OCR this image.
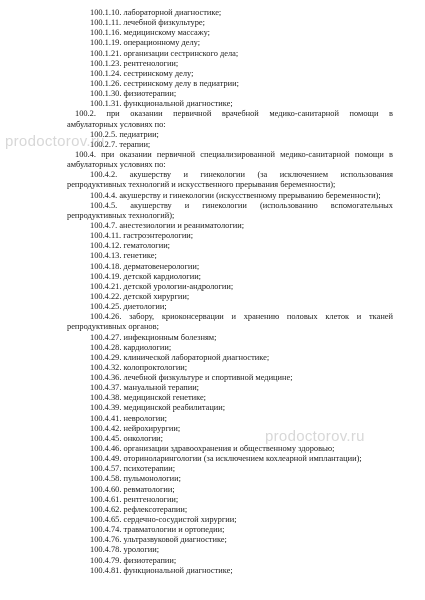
100.1.10. лабораторной диагностике;
100.1.11. лечебной физкультуре;
100.1.16. медицинскому массажу;
100.1.19. операционному делу;
100.1.21. организации сестринского дела;
100.1.23. рентгенологии;
100.1.24. сестринскому делу;
100.1.26. сестринскому делу в педиатрии;
100.1.30. физиотерапии;
100.1.31. функциональной диагностике;
100.2. при оказании первичной врачебной медико-санитарной помощи в
амбулаторных условиях по:
100.2.5. педиатрии;
100.2.7. терапии;
100.4. при оказании первичной специализированной медико-санитарной помощи в
амбулаторных условиях по:
100.4.2. акушерству и гинекологии (за исключением использования
репродуктивных технологий и искусственного прерывания беременности);
100.4.4. акушерству и гинекологии (искусственному прерыванию беременности);
100.4.5. акушерству и гинекологии (использованию вспомогательных
репродуктивных технологий);
100.4.7. анестезиологии и реаниматологии;
100.4.11. гастроэнтерологии;
100.4.12. гематологии;
100.4.13. генетике;
100.4.18. дерматовенерологии;
100.4.19. детской кардиологии;
100.4.21. детской урологии-андрологии;
100.4.22. детской хирургии;
100.4.25. диетологии;
100.4.26. забору, криоконсервации и хранению половых клеток и тканей
репродуктивных органов;
100.4.27. инфекционным болезням;
100.4.28. кардиологии;
100.4.29. клинической лабораторной диагностике;
100.4.32. колопроктологии;
100.4.36. лечебной физкультуре и спортивной медицине;
100.4.37. мануальной терапии;
100.4.38. медицинской генетике;
100.4.39. медицинской реабилитации;
100.4.41. неврологии;
100.4.42. нейрохирургии;
100.4.45. онкологии;
100.4.46. организации здравоохранения и общественному здоровью;
100.4.49. оториноларингологии (за исключением кохлеарной имплантации);
100.4.57. психотерапии;
100.4.58. пульмонологии;
100.4.60. ревматологии;
100.4.61. рентгенологии;
100.4.62. рефлексотерапии;
100.4.65. сердечно-сосудистой хирургии;
100.4.74. травматологии и ортопедии;
100.4.76. ультразвуковой диагностике;
100.4.78. урологии;
100.4.79. физиотерапии;
100.4.81. функциональной диагностике;
prodoctorov.ru
prodoctorov.ru
